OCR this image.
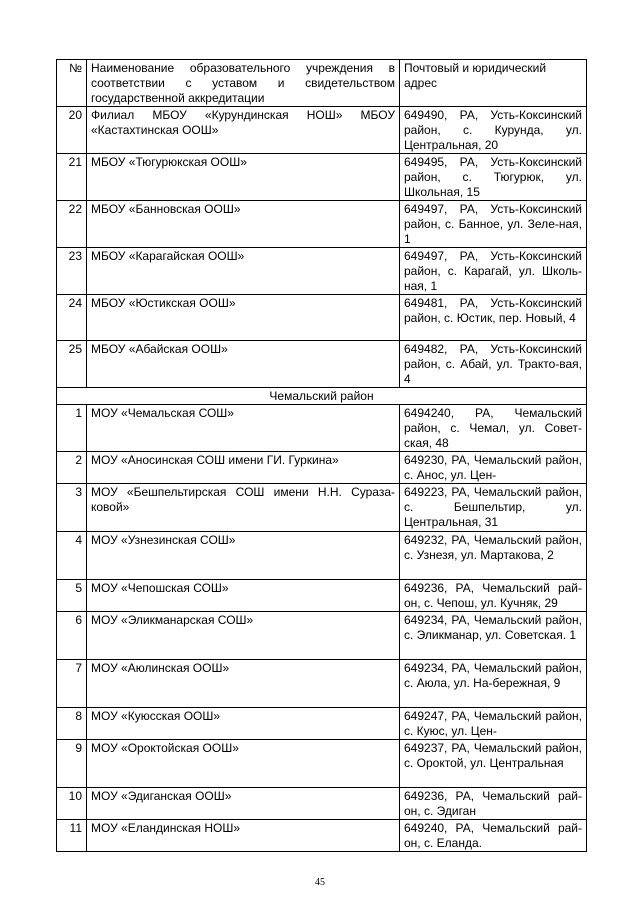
№	Наименование образовательного учреждения в
соответствии с уставом и свидетельством
государственной аккредитации	Почтовый и юридический адрес
20	Филиал МБОУ «Курундинская НОШ» МБОУ «Кастахтинская ООШ»	649490, РА, Усть-Коксинский район, с. Курунда, ул. Центральная, 20
21	МБОУ «Тюгурюкская ООШ»	649495, РА, Усть-Коксинский район, с. Тюгурюк, ул. Школьная, 15
22	МБОУ «Банновская ООШ»	649497, РА, Усть-Коксинский район, с. Банное, ул. Зеле-ная, 1
23	МБОУ «Карагайская ООШ»	649497, РА, Усть-Коксинский район, с. Карагай, ул. Школь-ная, 1
24	МБОУ «Юстикская ООШ»	649481, РА, Усть-Коксинский район, с. Юстик, пер. Новый, 4
25	МБОУ «Абайская ООШ»	649482, РА, Усть-Коксинский район, с. Абай, ул. Тракто-вая, 4
Чемальский район		
1	МОУ «Чемальская СОШ»	6494240, РА, Чемальский район, с. Чемал, ул. Совет-ская, 48
2	МОУ «Аносинская СОШ имени ГИ. Гуркина»	649230, РА, Чемальский район, с. Анос, ул. Цен-
3	МОУ «Бешпельтирская СОШ имени Н.Н. Сураза-ковой»	649223, РА, Чемальский район, с. Бешпельтир, ул. Центральная, 31
4	МОУ «Узнезинская СОШ»	649232, РА, Чемальский район, с. Узнезя, ул. Мартакова, 2
5	МОУ «Чепошская СОШ»	649236, РА, Чемальский рай-он, с. Чепош, ул. Кучняк, 29
6	МОУ «Эликманарская СОШ»	649234, РА, Чемальский район, с. Эликманар, ул. Советская. 1
7	МОУ «Аюлинская ООШ»	649234, РА, Чемальский район, с. Аюла, ул. На-бережная, 9
8	МОУ «Куюсская ООШ»	649247, РА, Чемальский район, с. Куюс, ул. Цен-
9	МОУ «Ороктойская ООШ»	649237, РА, Чемальский район, с. Ороктой, ул. Центральная
10	МОУ «Эдиганская ООШ»	649236, РА, Чемальский рай-он, с. Эдиган
11	МОУ «Еландинская НОШ»	649240, РА, Чемальский рай-он, с. Еланда.
45
